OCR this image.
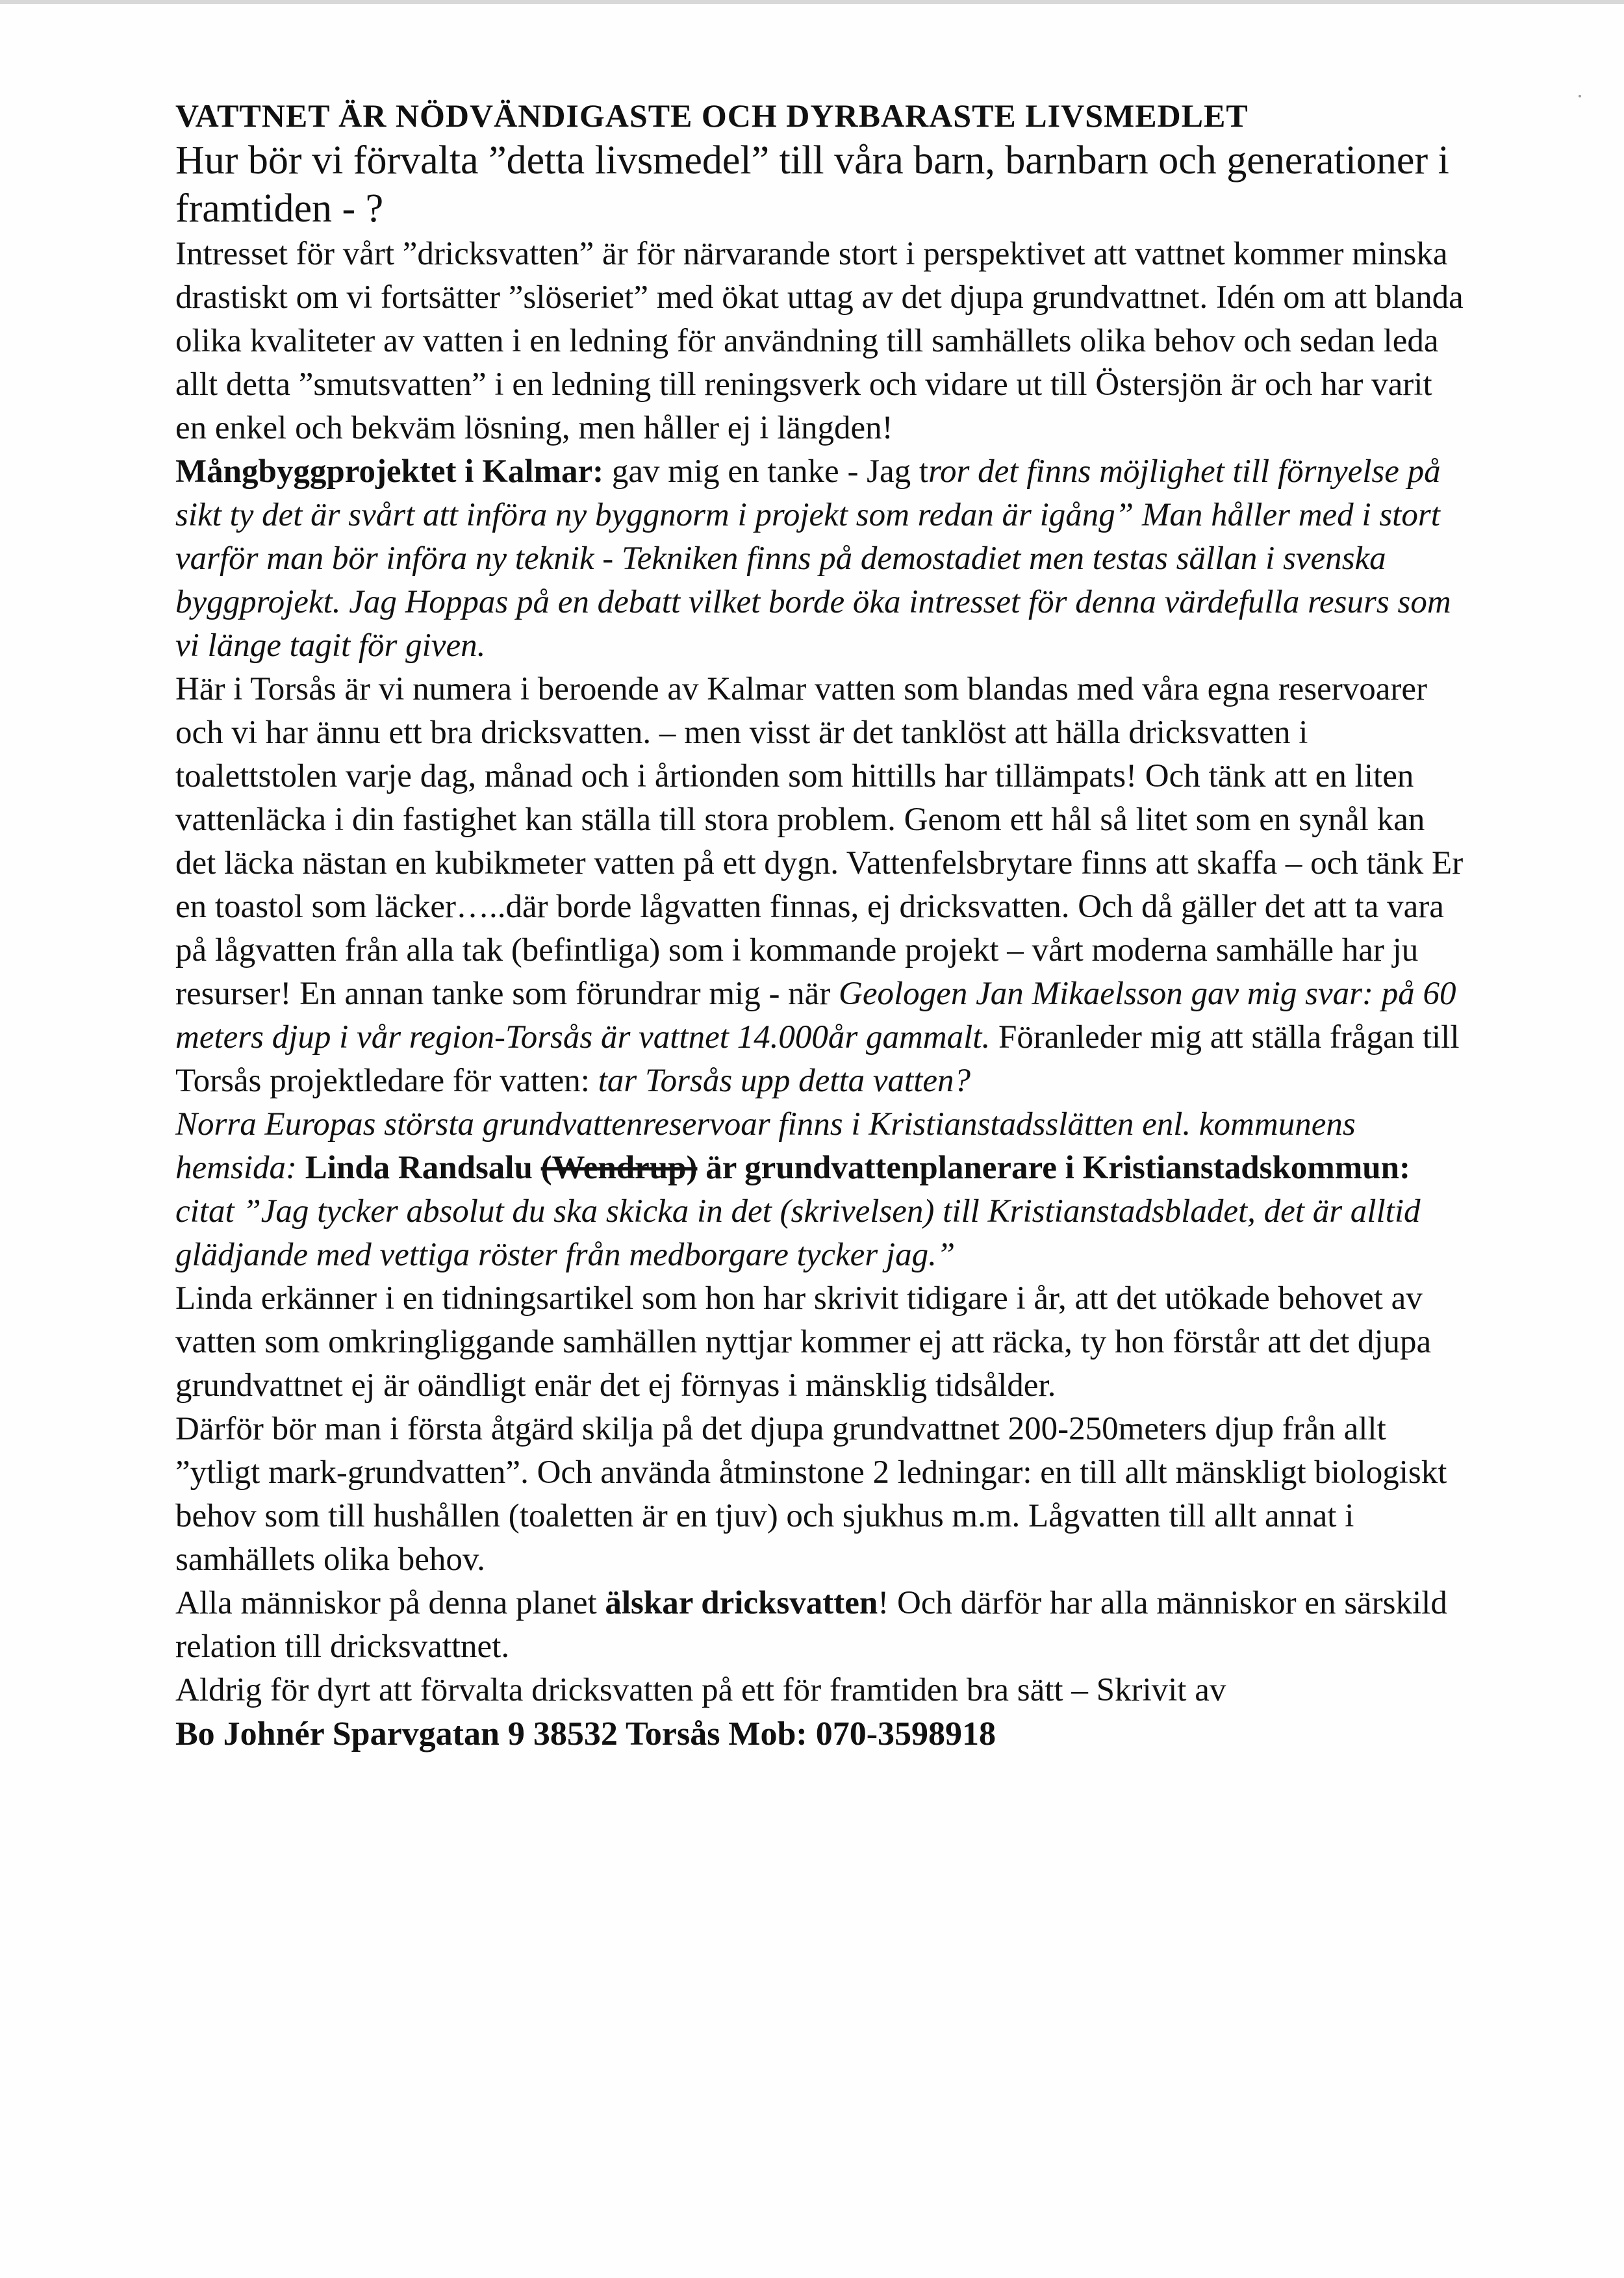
VATTNET ÄR NÖDVÄNDIGASTE OCH DYRBARASTE LIVSMEDLET

Hur bör vi förvalta ”detta livsmedel” till våra barn, barnbarn och generationer i framtiden - ?

Intresset för vårt ”dricksvatten” är för närvarande stort i perspektivet att vattnet kommer minska drastiskt om vi fortsätter ”slöseriet” med ökat uttag av det djupa grundvattnet. Idén om att blanda olika kvaliteter av vatten i en ledning för användning till samhällets olika behov och sedan leda allt detta ”smutsvatten” i en ledning till reningsverk och vidare ut till Östersjön är och har varit en enkel och bekväm lösning, men håller ej i längden!

Mångbyggprojektet i Kalmar: gav mig en tanke - Jag tror det finns möjlighet till förnyelse på sikt ty det är svårt att införa ny byggnorm i projekt som redan är igång” Man håller med i stort varför man bör införa ny teknik - Tekniken finns på demostadiet men testas sällan i svenska byggprojekt. Jag Hoppas på en debatt vilket borde öka intresset för denna värdefulla resurs som vi länge tagit för given.

Här i Torsås är vi numera i beroende av Kalmar vatten som blandas med våra egna reservoarer och vi har ännu ett bra dricksvatten. – men visst är det tanklöst att hälla dricksvatten i toalettstolen varje dag, månad och i årtionden som hittills har tillämpats! Och tänk att en liten vattenläcka i din fastighet kan ställa till stora problem. Genom ett hål så litet som en synål kan det läcka nästan en kubikmeter vatten på ett dygn. Vattenfelsbrytare finns att skaffa – och tänk Er en toastol som läcker…..där borde lågvatten finnas, ej dricksvatten. Och då gäller det att ta vara på lågvatten från alla tak (befintliga) som i kommande projekt – vårt moderna samhälle har ju resurser! En annan tanke som förundrar mig - när Geologen Jan Mikaelsson gav mig svar: på 60 meters djup i vår region-Torsås är vattnet 14.000år gammalt. Föranleder mig att ställa frågan till Torsås projektledare för vatten: tar Torsås upp detta vatten?

Norra Europas största grundvattenreservoar finns i Kristianstadsslätten enl. kommunens hemsida: Linda Randsalu (Wendrup) är grundvattenplanerare i Kristianstadskommun: citat ”Jag tycker absolut du ska skicka in det (skrivelsen) till Kristianstadsbladet, det är alltid glädjande med vettiga röster från medborgare tycker jag.”

Linda erkänner i en tidningsartikel som hon har skrivit tidigare i år, att det utökade behovet av vatten som omkringliggande samhällen nyttjar kommer ej att räcka, ty hon förstår att det djupa grundvattnet ej är oändligt enär det ej förnyas i mänsklig tidsålder.

Därför bör man i första åtgärd skilja på det djupa grundvattnet 200-250meters djup från allt ”ytligt mark-grundvatten”. Och använda åtminstone 2 ledningar: en till allt mänskligt biologiskt behov som till hushållen (toaletten är en tjuv) och sjukhus m.m. Lågvatten till allt annat i samhällets olika behov.

Alla människor på denna planet älskar dricksvatten! Och därför har alla människor en särskild relation till dricksvattnet.

Aldrig för dyrt att förvalta dricksvatten på ett för framtiden bra sätt – Skrivit av

Bo Johnér Sparvgatan 9 38532 Torsås Mob: 070-3598918
